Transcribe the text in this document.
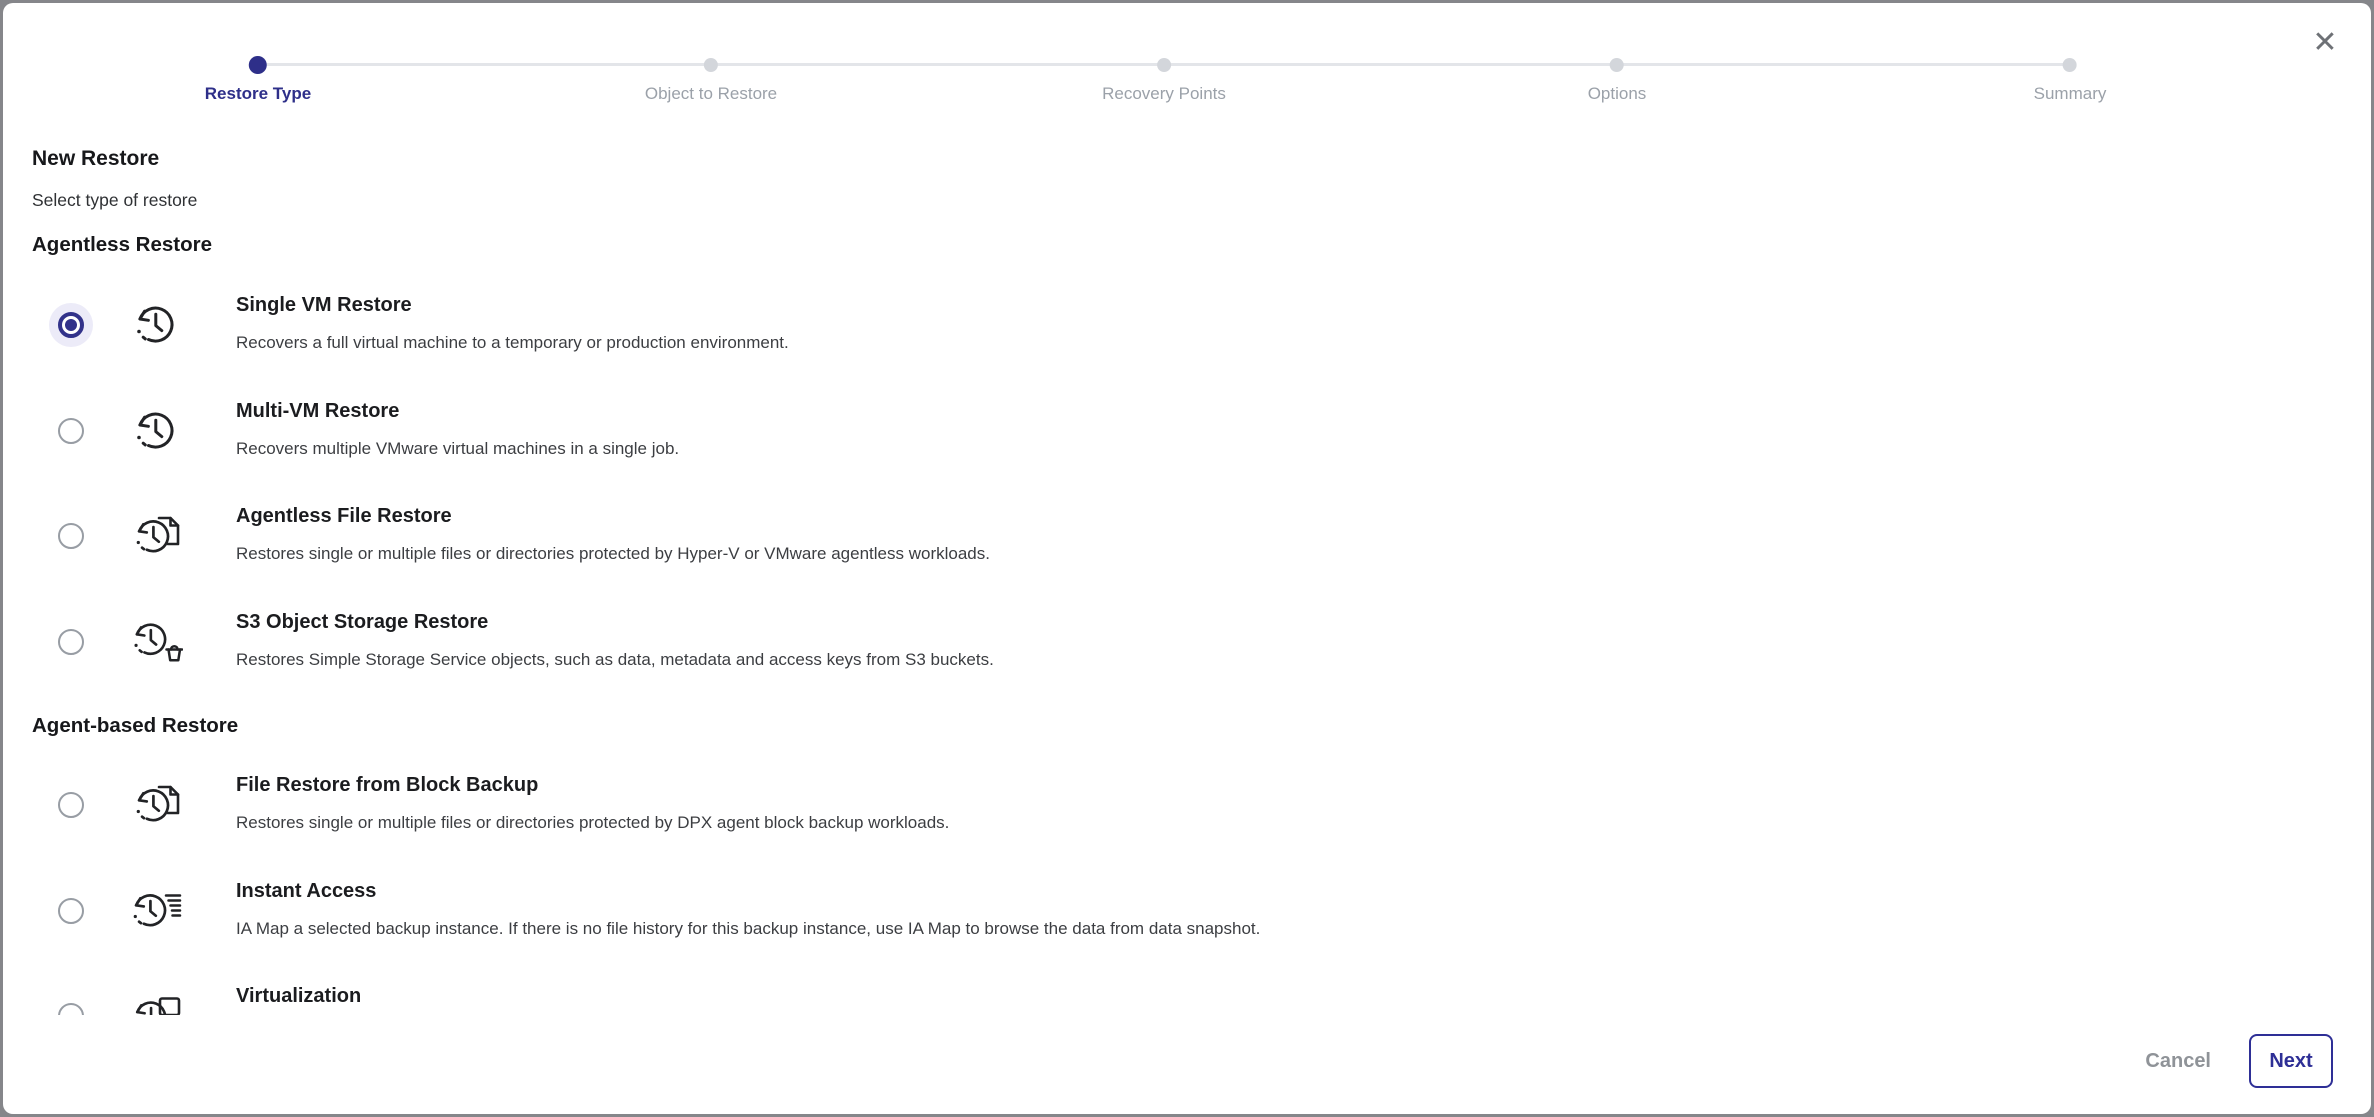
Restore Type	Object to Restore	Recovery Points	Options	Summary
✕
New Restore
Select type of restore
Agentless Restore
Single VM Restore
Recovers a full virtual machine to a temporary or production environment.
Multi-VM Restore
Recovers multiple VMware virtual machines in a single job.
Agentless File Restore
Restores single or multiple files or directories protected by Hyper-V or VMware agentless workloads.
S3 Object Storage Restore
Restores Simple Storage Service objects, such as data, metadata and access keys from S3 buckets.
Agent-based Restore
File Restore from Block Backup
Restores single or multiple files or directories protected by DPX agent block backup workloads.
Instant Access
IA Map a selected backup instance. If there is no file history for this backup instance, use IA Map to browse the data from data snapshot.
Virtualization
Cancel	Next
